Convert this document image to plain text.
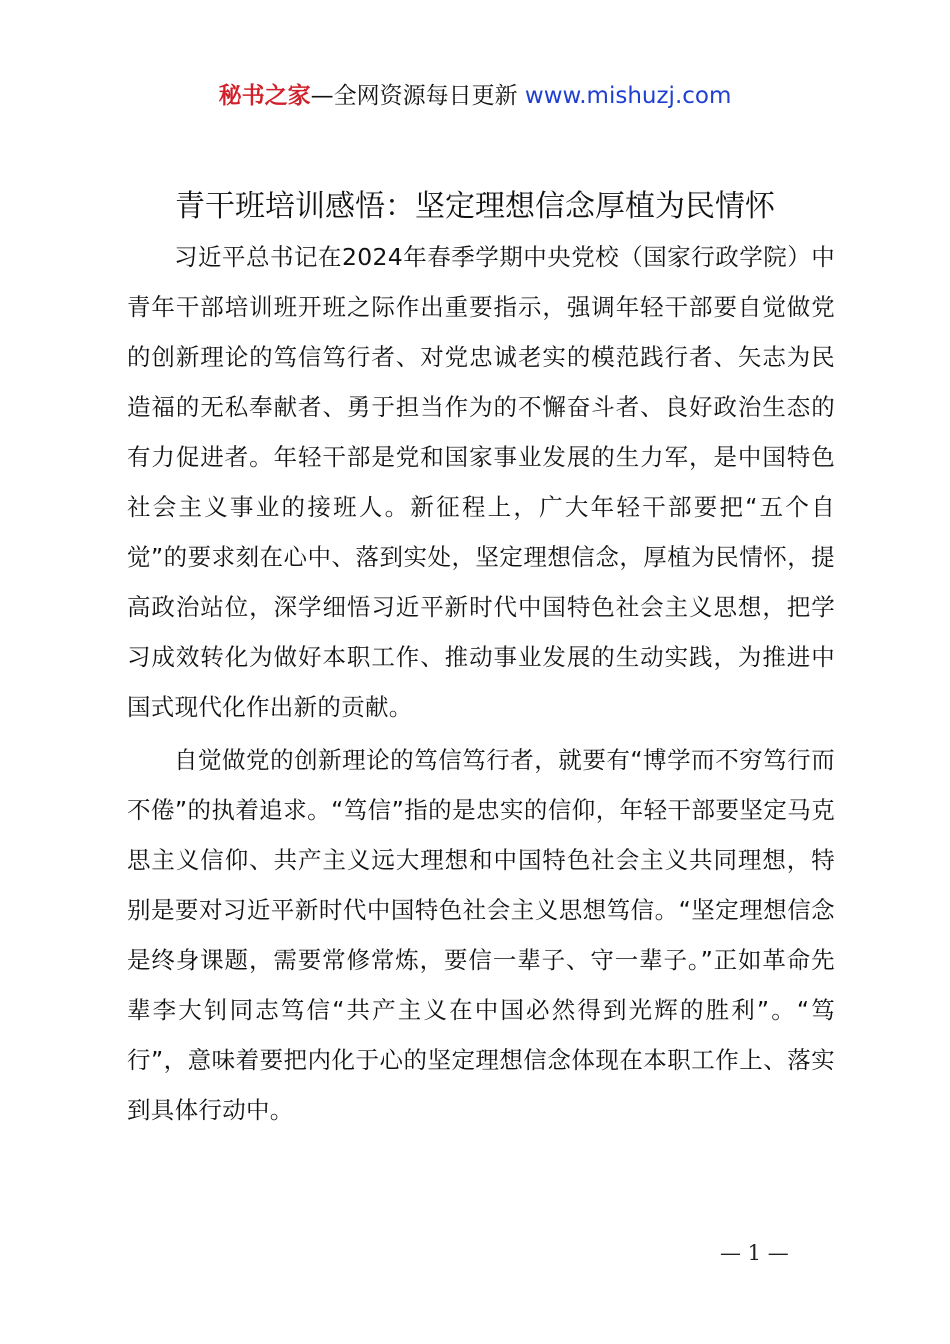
秘书之家—全网资源每日更新 www.mishuzj.com
青干班培训感悟：坚定理想信念厚植为民情怀

习近平总书记在2024年春季学期中央党校（国家行政学院）中青年干部培训班开班之际作出重要指示，强调年轻干部要自觉做党的创新理论的笃信笃行者、对党忠诚老实的模范践行者、矢志为民造福的无私奉献者、勇于担当作为的不懈奋斗者、良好政治生态的有力促进者。年轻干部是党和国家事业发展的生力军，是中国特色社会主义事业的接班人。新征程上，广大年轻干部要把“五个自觉”的要求刻在心中、落到实处，坚定理想信念，厚植为民情怀，提高政治站位，深学细悟习近平新时代中国特色社会主义思想，把学习成效转化为做好本职工作、推动事业发展的生动实践，为推进中国式现代化作出新的贡献。

自觉做党的创新理论的笃信笃行者，就要有“博学而不穷笃行而不倦”的执着追求。“笃信”指的是忠实的信仰，年轻干部要坚定马克思主义信仰、共产主义远大理想和中国特色社会主义共同理想，特别是要对习近平新时代中国特色社会主义思想笃信。“坚定理想信念是终身课题，需要常修常炼，要信一辈子、守一辈子。”正如革命先辈李大钊同志笃信“共产主义在中国必然得到光辉的胜利”。“笃行”，意味着要把内化于心的坚定理想信念体现在本职工作上、落实到具体行动中。

— 1 —
